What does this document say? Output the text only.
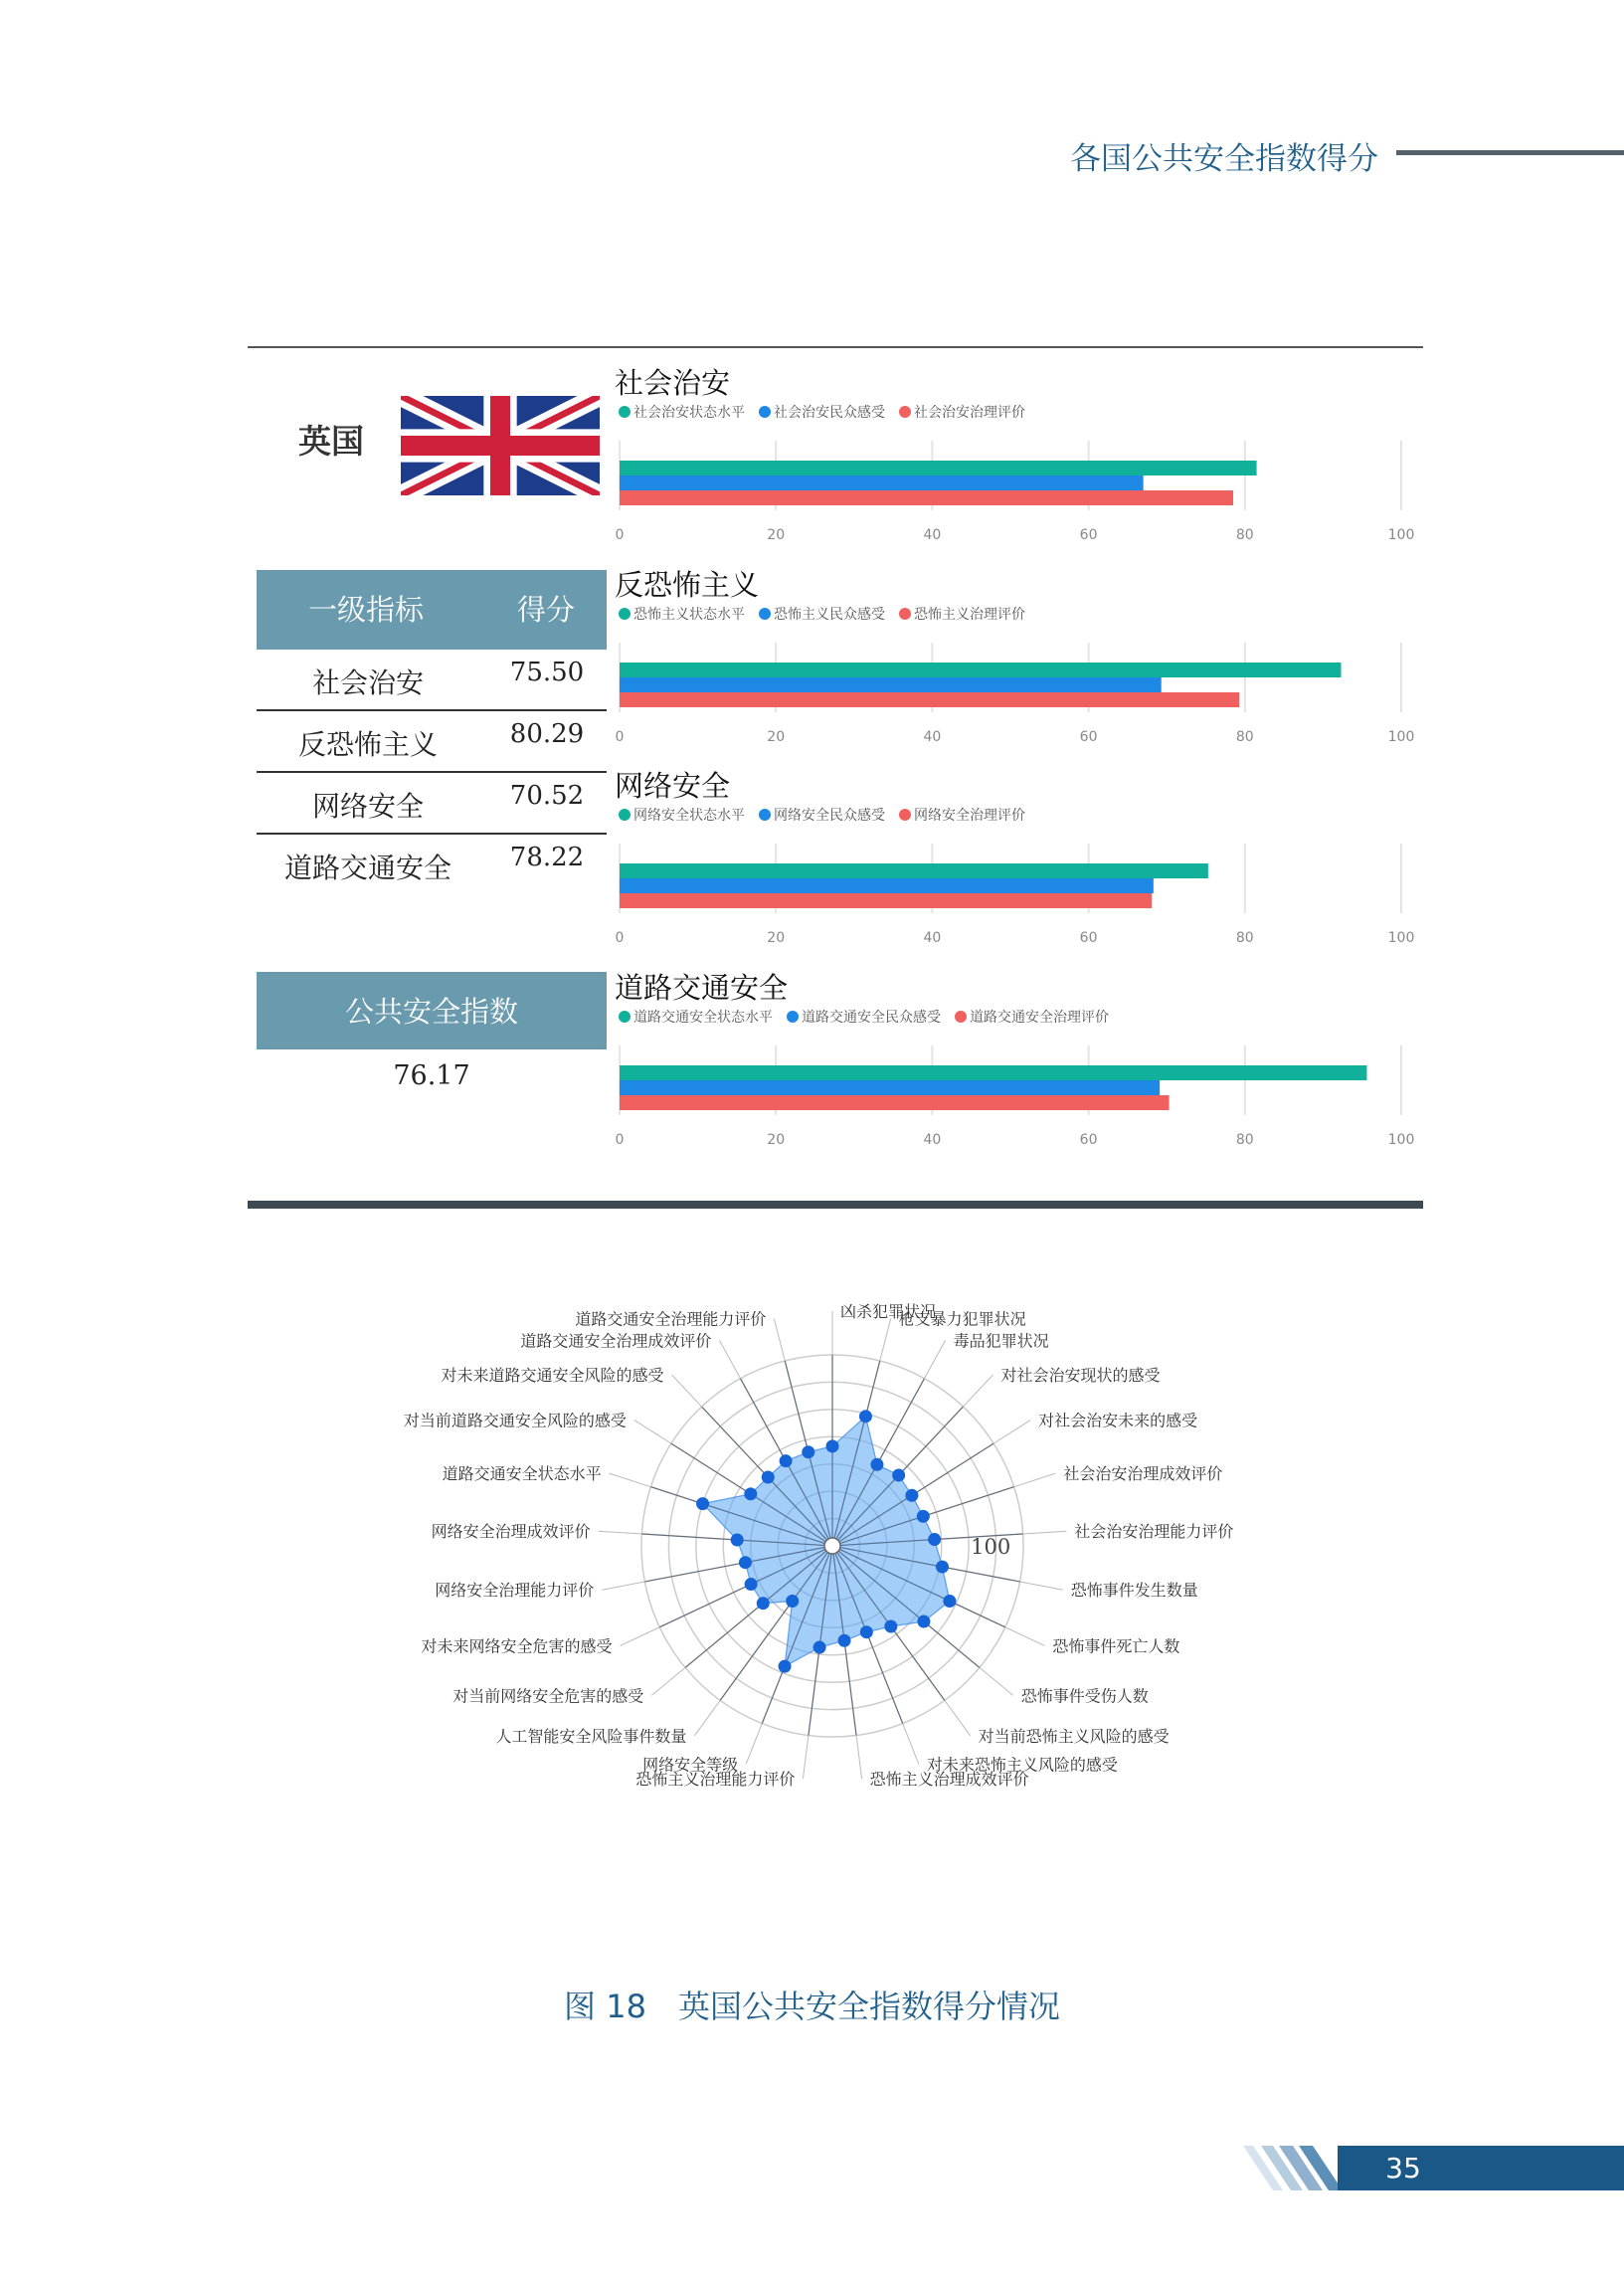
各国公共安全指数得分
英国
一级指标	得分
社会治安	75.50
反恐怖主义	80.29
网络安全	70.52
道路交通安全	78.22
公共安全指数
76.17
社会治安
社会治安状态水平 社会治安民众感受 社会治安治理评价
0	20	40	60	80	100
反恐怖主义
恐怖主义状态水平 恐怖主义民众感受 恐怖主义治理评价
0	20	40	60	80	100
网络安全
网络安全状态水平 网络安全民众感受 网络安全治理评价
0	20	40	60	80	100
道路交通安全
道路交通安全状态水平 道路交通安全民众感受 道路交通安全治理评价
0	20	40	60	80	100
凶杀犯罪状况
枪支暴力犯罪状况
毒品犯罪状况
对社会治安现状的感受
对社会治安未来的感受
社会治安治理成效评价
社会治安治理能力评价
恐怖事件发生数量
恐怖事件死亡人数
恐怖事件受伤人数
对当前恐怖主义风险的感受
对未来恐怖主义风险的感受
恐怖主义治理成效评价
恐怖主义治理能力评价
网络安全等级
人工智能安全风险事件数量
对当前网络安全危害的感受
对未来网络安全危害的感受
网络安全治理能力评价
网络安全治理成效评价
道路交通安全状态水平
对当前道路交通安全风险的感受
对未来道路交通安全风险的感受
道路交通安全治理成效评价
道路交通安全治理能力评价
100
图 18　英国公共安全指数得分情况
35
